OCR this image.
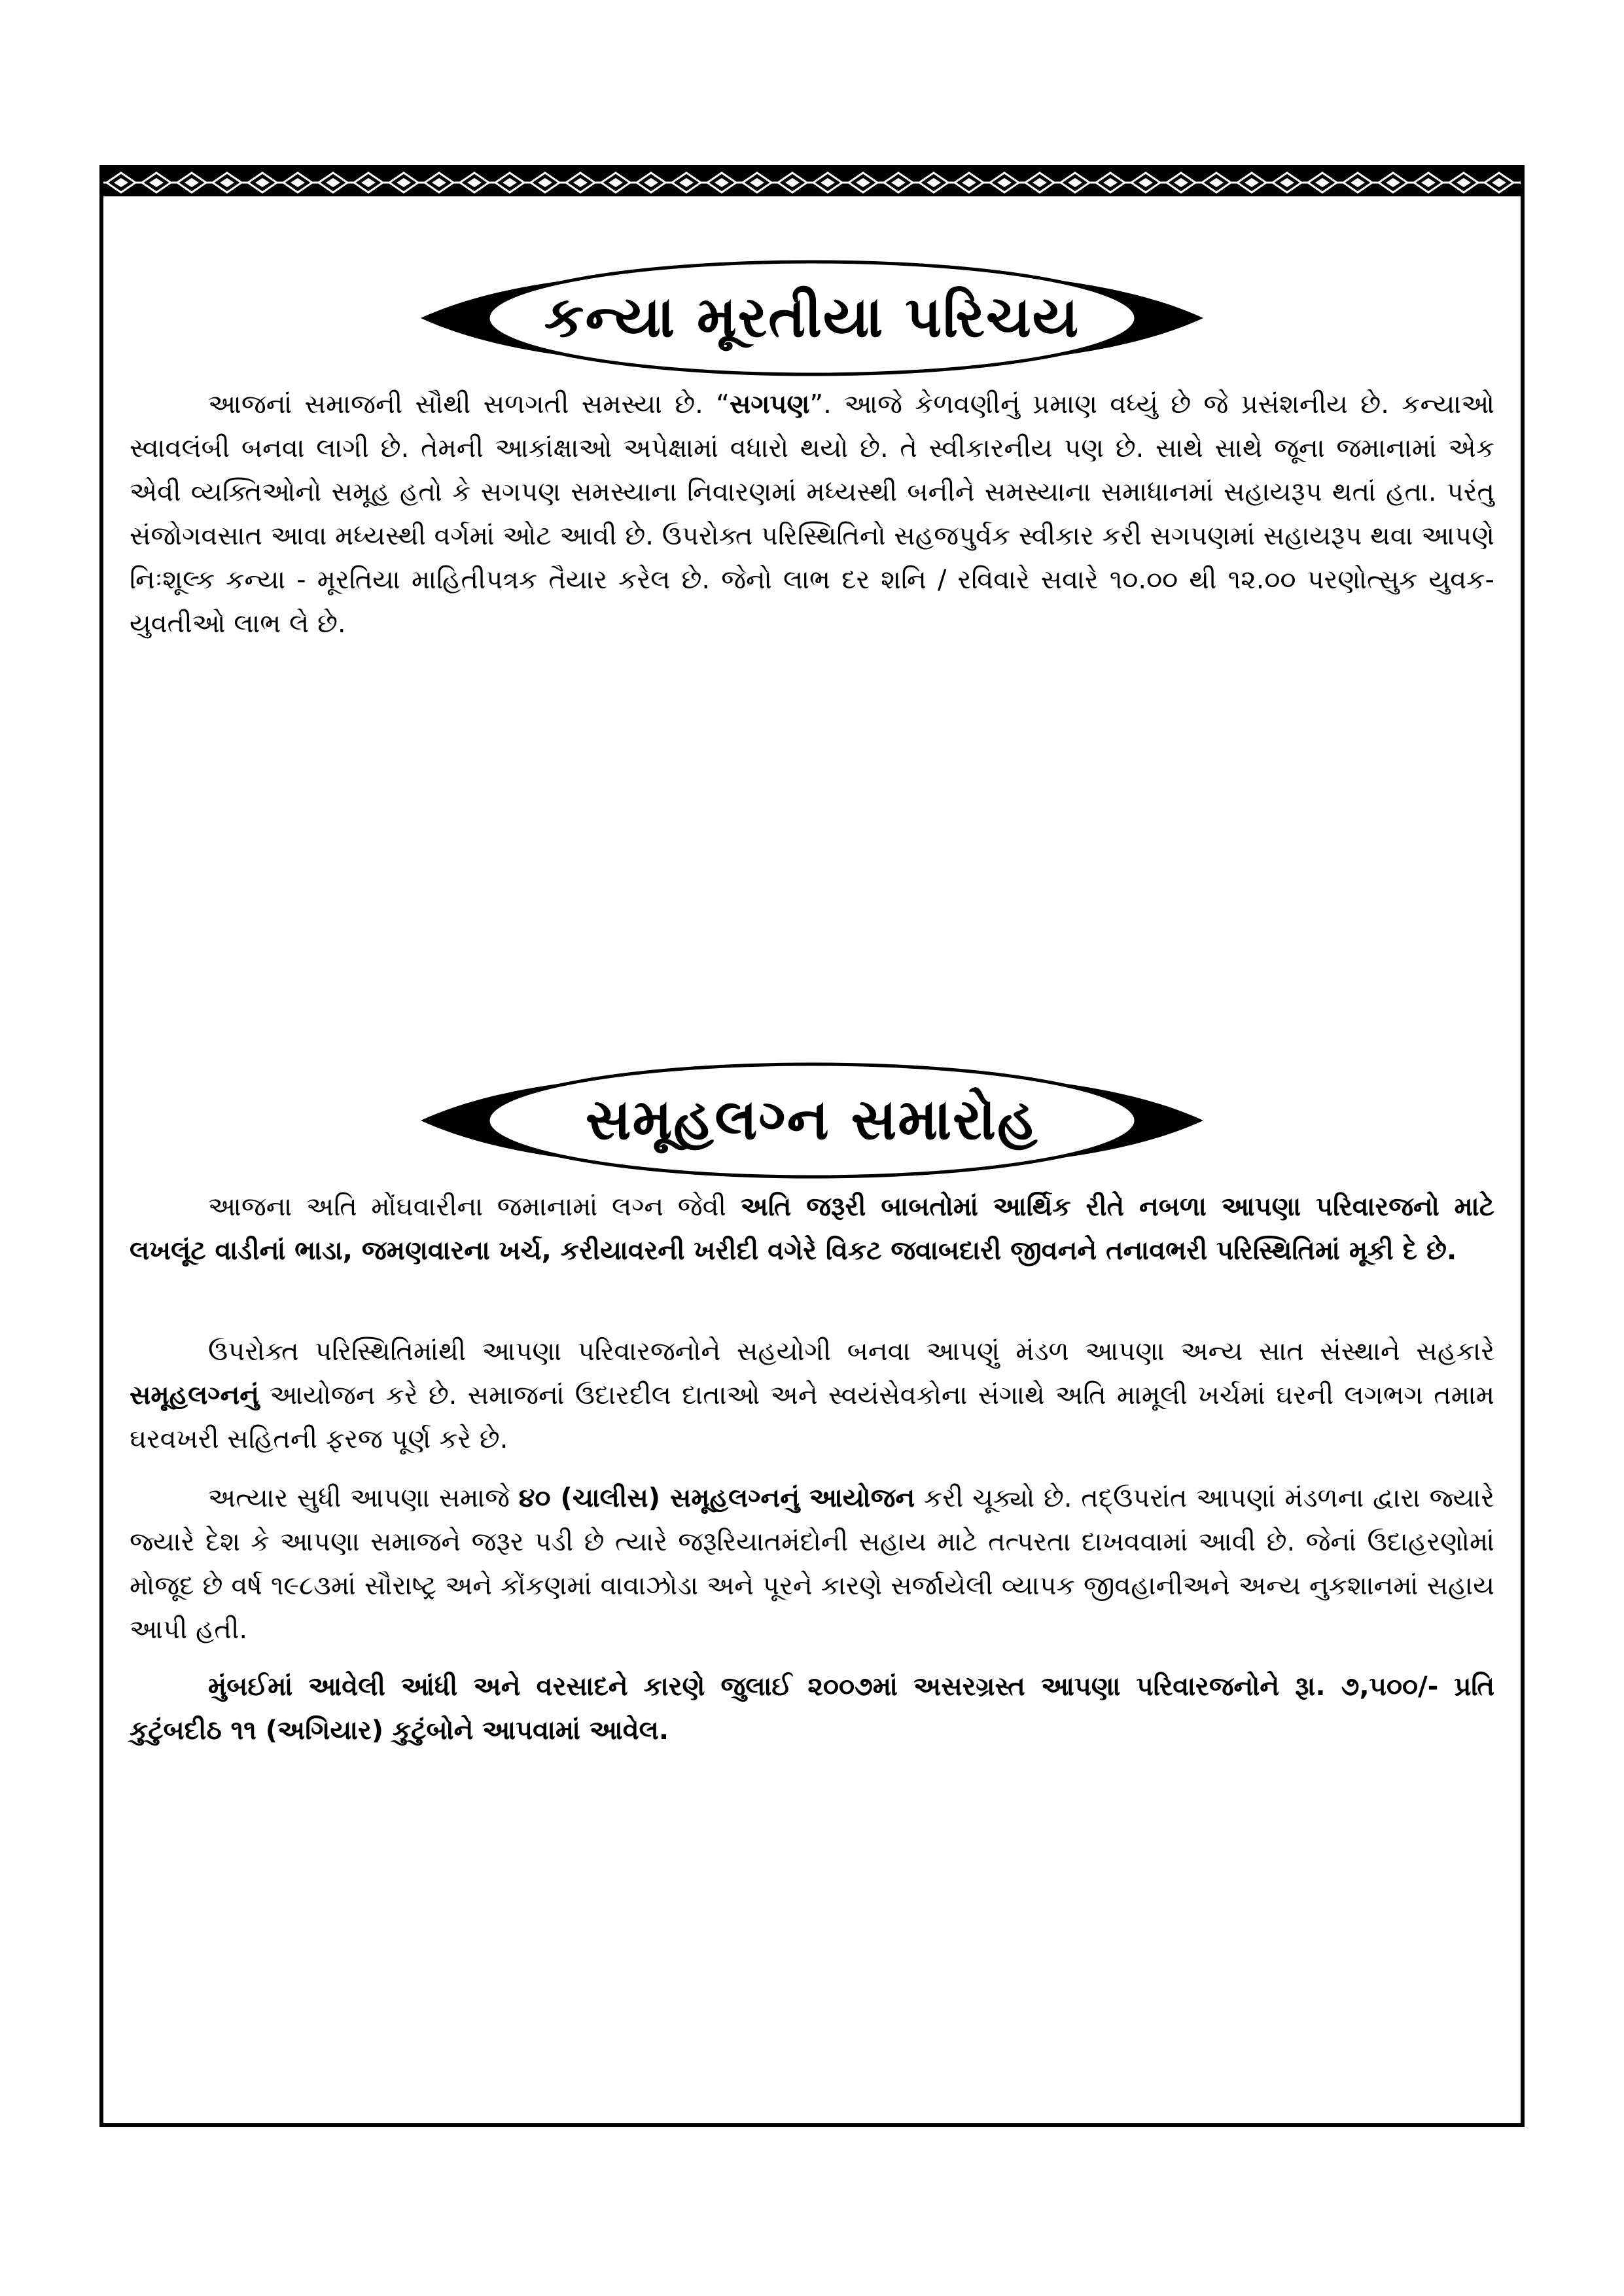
કન્યા મૂરતીયા પરિચય

આજનાં સમાજની સૌથી સળગતી સમસ્યા છે. “સગપણ”. આજે કેળવણીનું પ્રમાણ વધ્યું છે જે પ્રસંશનીય છે. કન્યાઓ સ્વાવલંબી બનવા લાગી છે. તેમની આકાંક્ષાઓ અપેક્ષામાં વધારો થયો છે. તે સ્વીકારનીય પણ છે. સાથે સાથે જૂના જમાનામાં એક એવી વ્યક્તિઓનો સમૂહ હતો કે સગપણ સમસ્યાના નિવારણમાં મધ્યસ્થી બનીને સમસ્યાના સમાધાનમાં સહાયરૂપ થતાં હતા. પરંતુ સંજોગવસાત આવા મધ્યસ્થી વર્ગમાં ઓટ આવી છે. ઉપરોક્ત પરિસ્થિતિનો સહજપુર્વક સ્વીકાર કરી સગપણમાં સહાયરૂપ થવા આપણે નિઃશૂલ્ક કન્યા - મૂરતિયા માહિતીપત્રક તૈયાર કરેલ છે. જેનો લાભ દર શનિ / રવિવારે સવારે ૧૦.૦૦ થી ૧૨.૦૦ પરણોત્સુક યુવક-યુવતીઓ લાભ લે છે.

સમૂહલગ્ન સમારોહ

આજના અતિ મોંઘવારીના જમાનામાં લગ્ન જેવી અતિ જરૂરી બાબતોમાં આર્થિક રીતે નબળા આપણા પરિવારજનો માટે લખલૂંટ વાડીનાં ભાડા, જમણવારના ખર્ચ, કરીયાવરની ખરીદી વગેરે વિકટ જવાબદારી જીવનને તનાવભરી પરિસ્થિતિમાં મૂકી દે છે.

ઉપરોક્ત પરિસ્થિતિમાંથી આપણા પરિવારજનોને સહયોગી બનવા આપણું મંડળ આપણા અન્ય સાત સંસ્થાને સહકારે સમૂહલગ્નનું આયોજન કરે છે. સમાજનાં ઉદારદીલ દાતાઓ અને સ્વયંસેવકોના સંગાથે અતિ મામૂલી ખર્ચમાં ઘરની લગભગ તમામ ઘરવખરી સહિતની ફરજ પૂર્ણ કરે છે.

અત્યાર સુધી આપણા સમાજે ૪૦ (ચાલીસ) સમૂહલગ્નનું આયોજન કરી ચૂક્યો છે. તદ્ઉપરાંત આપણાં મંડળના દ્વારા જ્યારે જ્યારે દેશ કે આપણા સમાજને જરૂર પડી છે ત્યારે જરૂરિયાતમંદોની સહાય માટે તત્પરતા દાખવવામાં આવી છે. જેનાં ઉદાહરણોમાં મોજૂદ છે વર્ષ ૧૯૮૩માં સૌરાષ્ટ્ર અને કોંકણમાં વાવાઝોડા અને પૂરને કારણે સર્જાયેલી વ્યાપક જીવહાનીઅને અન્ય નુકશાનમાં સહાય આપી હતી.

મુંબઈમાં આવેલી આંધી અને વરસાદને કારણે જુલાઈ ૨૦૦૭માં અસરગ્રસ્ત આપણા પરિવારજનોને રૂા. ૭,૫૦૦/- પ્રતિ કુટુંબદીઠ ૧૧ (અગિયાર) કુટુંબોને આપવામાં આવેલ.
